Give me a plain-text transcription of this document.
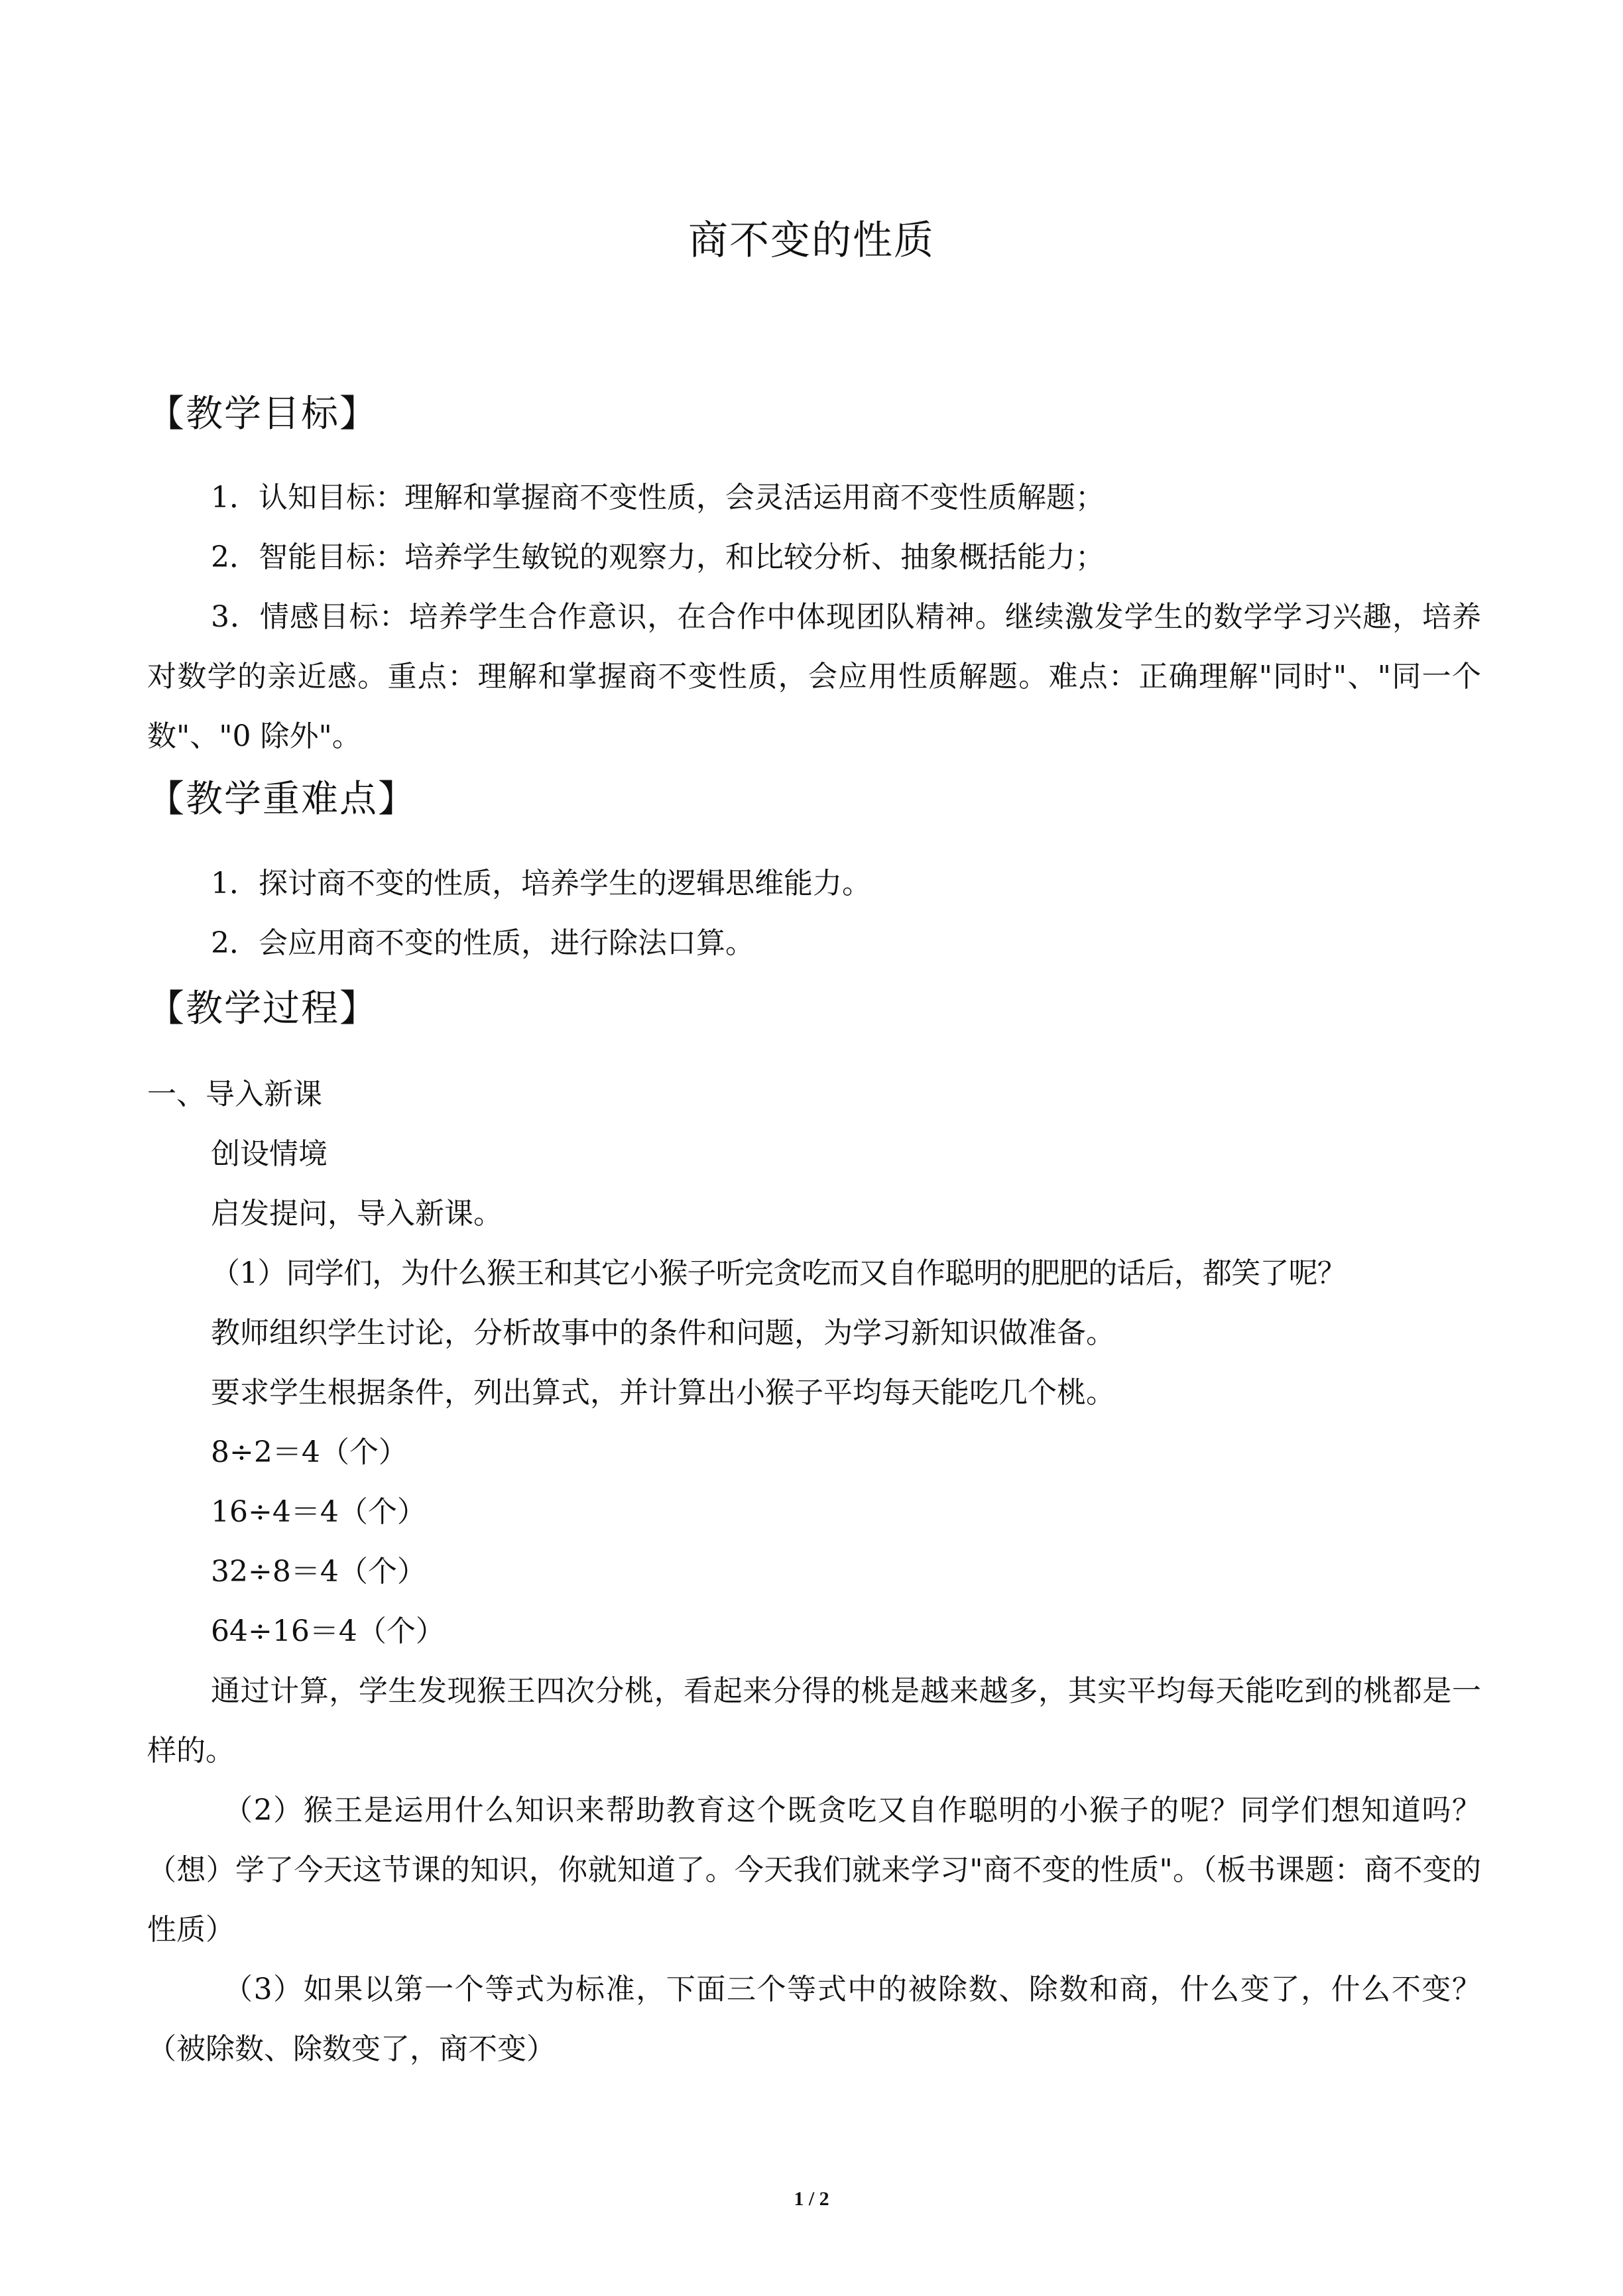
商不变的性质
【教学目标】
1．认知目标：理解和掌握商不变性质，会灵活运用商不变性质解题；
2．智能目标：培养学生敏锐的观察力，和比较分析、抽象概括能力；
3．情感目标：培养学生合作意识，在合作中体现团队精神。继续激发学生的数学学习兴趣，培养对数学的亲近感。重点：理解和掌握商不变性质，会应用性质解题。难点：正确理解"同时"、"同一个数"、"0 除外"。
【教学重难点】
1．探讨商不变的性质，培养学生的逻辑思维能力。
2．会应用商不变的性质，进行除法口算。
【教学过程】
一、导入新课
创设情境
启发提问，导入新课。
（1）同学们，为什么猴王和其它小猴子听完贪吃而又自作聪明的肥肥的话后，都笑了呢？
教师组织学生讨论，分析故事中的条件和问题，为学习新知识做准备。
要求学生根据条件，列出算式，并计算出小猴子平均每天能吃几个桃。
8÷2＝4（个）
16÷4＝4（个）
32÷8＝4（个）
64÷16＝4（个）
通过计算，学生发现猴王四次分桃，看起来分得的桃是越来越多，其实平均每天能吃到的桃都是一样的。
（2）猴王是运用什么知识来帮助教育这个既贪吃又自作聪明的小猴子的呢？同学们想知道吗？（想）学了今天这节课的知识，你就知道了。今天我们就来学习"商不变的性质"。（板书课题：商不变的性质）
（3）如果以第一个等式为标准，下面三个等式中的被除数、除数和商，什么变了，什么不变？（被除数、除数变了，商不变）
1 / 2
